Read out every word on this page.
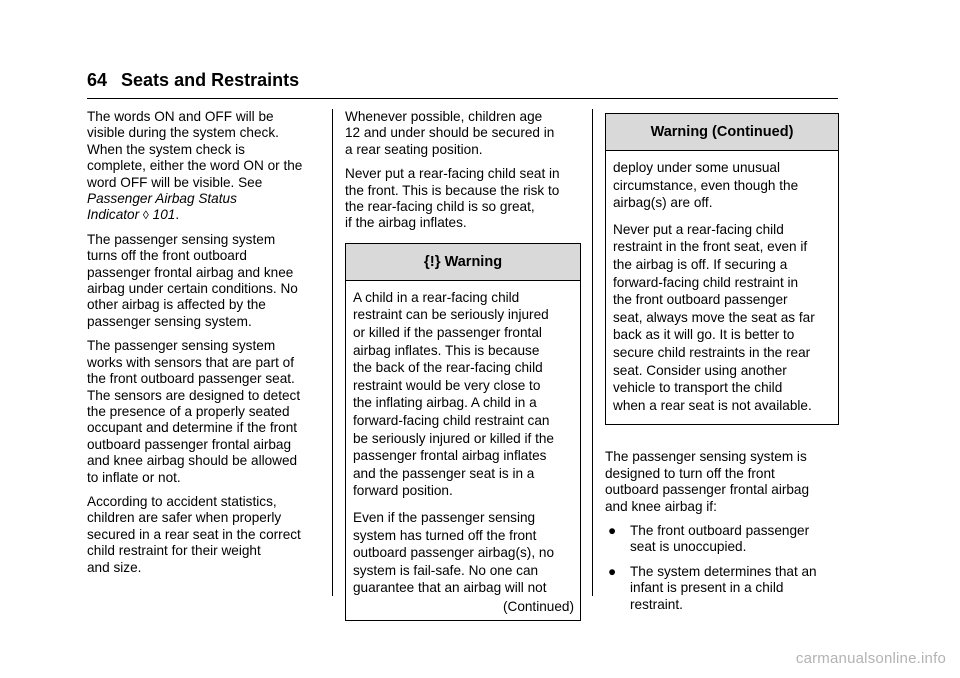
64 Seats and Restraints

The words ON and OFF will be
visible during the system check.
When the system check is
complete, either the word ON or the
word OFF will be visible. See
Passenger Airbag Status
Indicator ◊ 101.

The passenger sensing system
turns off the front outboard
passenger frontal airbag and knee
airbag under certain conditions. No
other airbag is affected by the
passenger sensing system.

The passenger sensing system
works with sensors that are part of
the front outboard passenger seat.
The sensors are designed to detect
the presence of a properly seated
occupant and determine if the front
outboard passenger frontal airbag
and knee airbag should be allowed
to inflate or not.

According to accident statistics,
children are safer when properly
secured in a rear seat in the correct
child restraint for their weight
and size.

Whenever possible, children age
12 and under should be secured in
a rear seating position.

Never put a rear-facing child seat in
the front. This is because the risk to
the rear-facing child is so great,
if the airbag inflates.

{!} Warning

A child in a rear-facing child
restraint can be seriously injured
or killed if the passenger frontal
airbag inflates. This is because
the back of the rear-facing child
restraint would be very close to
the inflating airbag. A child in a
forward-facing child restraint can
be seriously injured or killed if the
passenger frontal airbag inflates
and the passenger seat is in a
forward position.

Even if the passenger sensing
system has turned off the front
outboard passenger airbag(s), no
system is fail-safe. No one can
guarantee that an airbag will not

(Continued)
Warning (Continued)

deploy under some unusual
circumstance, even though the
airbag(s) are off.

Never put a rear-facing child
restraint in the front seat, even if
the airbag is off. If securing a
forward-facing child restraint in
the front outboard passenger
seat, always move the seat as far
back as it will go. It is better to
secure child restraints in the rear
seat. Consider using another
vehicle to transport the child
when a rear seat is not available.

The passenger sensing system is
designed to turn off the front
outboard passenger frontal airbag
and knee airbag if:

●	The front outboard passenger
seat is unoccupied.
●	The system determines that an
infant is present in a child
restraint.
carmanualsonline.info
